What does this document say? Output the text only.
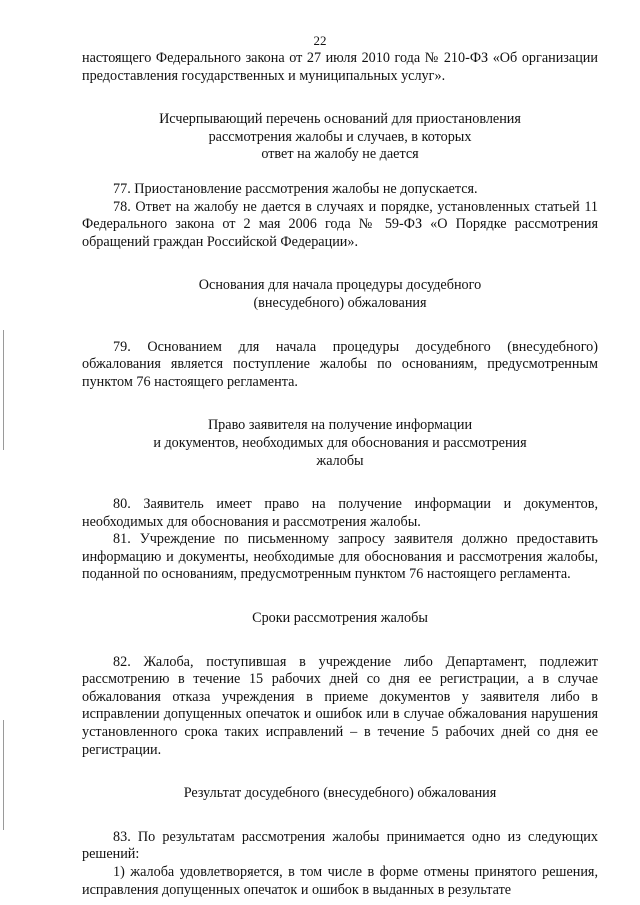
22

настоящего Федерального закона от 27 июля 2010 года № 210-ФЗ «Об организации предоставления государственных и муниципальных услуг».

Исчерпывающий перечень оснований для приостановления
рассмотрения жалобы и случаев, в которых
ответ на жалобу не дается

77. Приостановление рассмотрения жалобы не допускается.

78. Ответ на жалобу не дается в случаях и порядке, установленных статьей 11 Федерального закона от 2 мая 2006 года № 59-ФЗ «О Порядке рассмотрения обращений граждан Российской Федерации».

Основания для начала процедуры досудебного
(внесудебного) обжалования

79. Основанием для начала процедуры досудебного (внесудебного) обжалования является поступление жалобы по основаниям, предусмотренным пунктом 76 настоящего регламента.

Право заявителя на получение информации
и документов, необходимых для обоснования и рассмотрения
жалобы

80. Заявитель имеет право на получение информации и документов, необходимых для обоснования и рассмотрения жалобы.

81. Учреждение по письменному запросу заявителя должно предоставить информацию и документы, необходимые для обоснования и рассмотрения жалобы, поданной по основаниям, предусмотренным пунктом 76 настоящего регламента.

Сроки рассмотрения жалобы

82. Жалоба, поступившая в учреждение либо Департамент, подлежит рассмотрению в течение 15 рабочих дней со дня ее регистрации, а в случае обжалования отказа учреждения в приеме документов у заявителя либо в исправлении допущенных опечаток и ошибок или в случае обжалования нарушения установленного срока таких исправлений – в течение 5 рабочих дней со дня ее регистрации.

Результат досудебного (внесудебного) обжалования

83. По результатам рассмотрения жалобы принимается одно из следующих решений:

1) жалоба удовлетворяется, в том числе в форме отмены принятого решения, исправления допущенных опечаток и ошибок в выданных в результате
